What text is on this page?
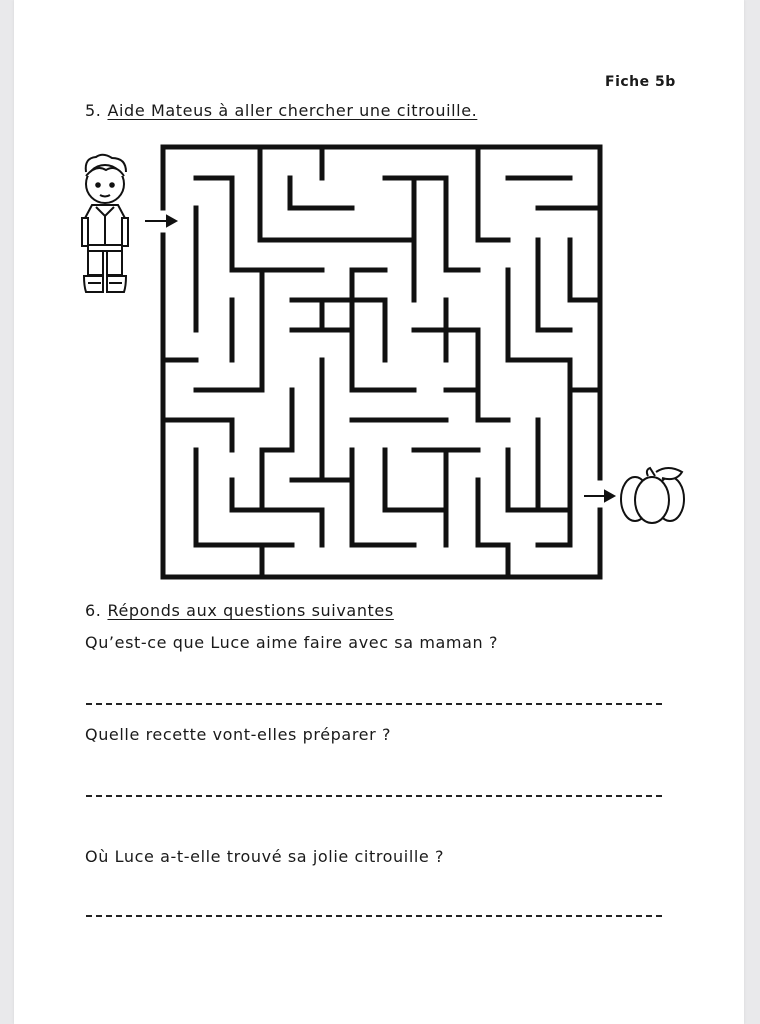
Fiche 5b
5. Aide Mateus à aller chercher une citrouille.
6. Réponds aux questions suivantes
Qu’est-ce que Luce aime faire avec sa maman ?
Quelle recette vont-elles préparer ?
Où Luce a-t-elle trouvé sa jolie citrouille ?
